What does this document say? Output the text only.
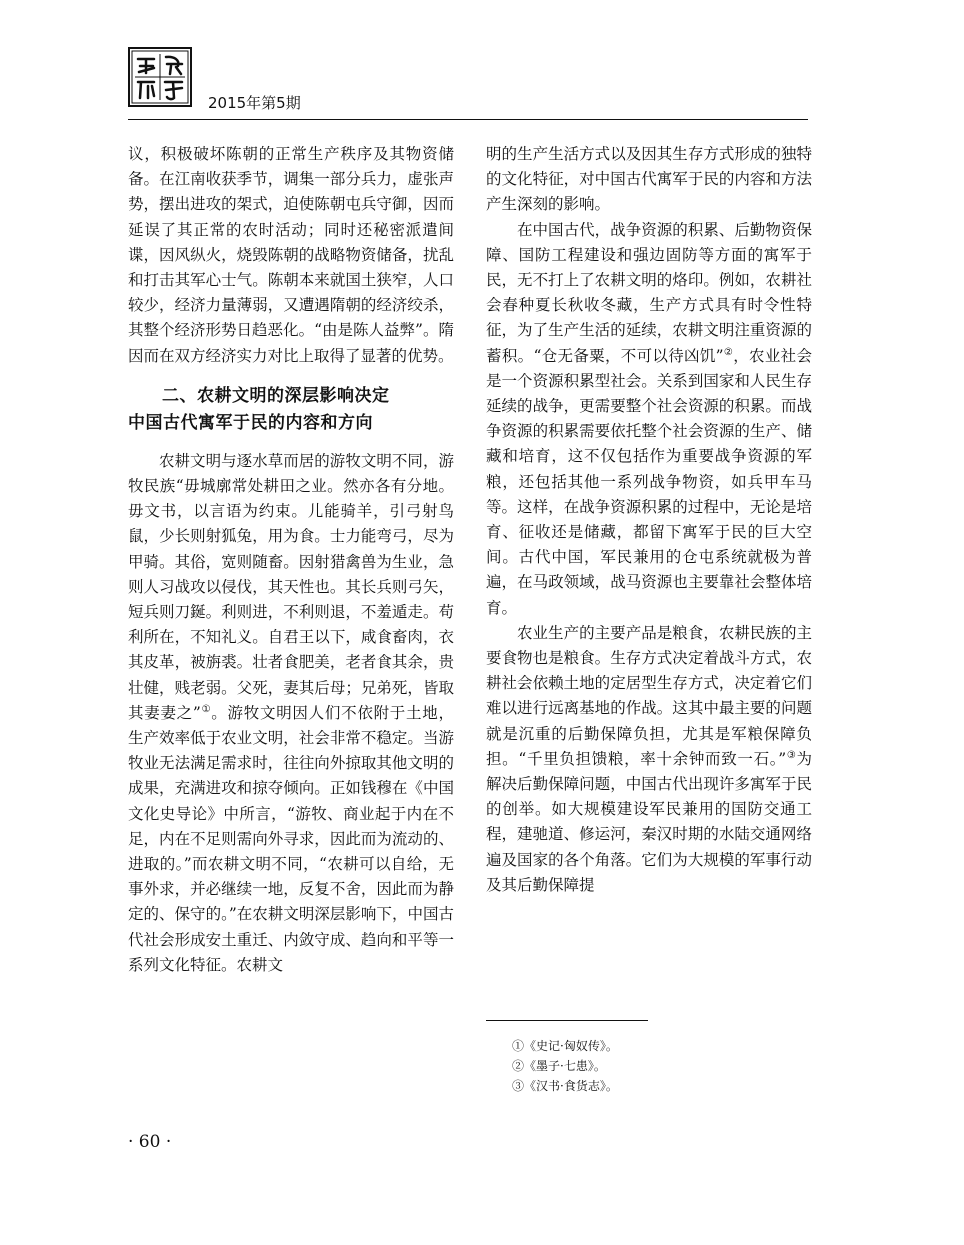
2015年第5期

议，积极破坏陈朝的正常生产秩序及其物资储备。在江南收获季节，调集一部分兵力，虚张声势，摆出进攻的架式，迫使陈朝屯兵守御，因而延误了其正常的农时活动；同时还秘密派遣间谍，因风纵火，烧毁陈朝的战略物资储备，扰乱和打击其军心士气。陈朝本来就国土狭窄，人口较少，经济力量薄弱，又遭遇隋朝的经济绞杀，其整个经济形势日趋恶化。“由是陈人益弊”。隋因而在双方经济实力对比上取得了显著的优势。

二、农耕文明的深层影响决定
中国古代寓军于民的内容和方向

农耕文明与逐水草而居的游牧文明不同，游牧民族“毋城廓常处耕田之业。然亦各有分地。毋文书，以言语为约束。儿能骑羊，引弓射鸟鼠，少长则射狐兔，用为食。士力能弯弓，尽为甲骑。其俗，宽则随畜。因射猎禽兽为生业，急则人习战攻以侵伐，其天性也。其长兵则弓矢，短兵则刀鋋。利则进，不利则退，不羞遁走。苟利所在，不知礼义。自君王以下，咸食畜肉，衣其皮革，被旃裘。壮者食肥美，老者食其余，贵壮健，贱老弱。父死，妻其后母；兄弟死，皆取其妻妻之”①。游牧文明因人们不依附于土地，生产效率低于农业文明，社会非常不稳定。当游牧业无法满足需求时，往往向外掠取其他文明的成果，充满进攻和掠夺倾向。正如钱穆在《中国文化史导论》中所言，“游牧、商业起于内在不足，内在不足则需向外寻求，因此而为流动的、进取的。”而农耕文明不同，“农耕可以自给，无事外求，并必继续一地，反复不舍，因此而为静定的、保守的。”在农耕文明深层影响下，中国古代社会形成安土重迁、内敛守成、趋向和平等一系列文化特征。农耕文

明的生产生活方式以及因其生存方式形成的独特的文化特征，对中国古代寓军于民的内容和方法产生深刻的影响。

在中国古代，战争资源的积累、后勤物资保障、国防工程建设和强边固防等方面的寓军于民，无不打上了农耕文明的烙印。例如，农耕社会春种夏长秋收冬藏，生产方式具有时令性特征，为了生产生活的延续，农耕文明注重资源的蓄积。“仓无备粟，不可以待凶饥”②，农业社会是一个资源积累型社会。关系到国家和人民生存延续的战争，更需要整个社会资源的积累。而战争资源的积累需要依托整个社会资源的生产、储藏和培育，这不仅包括作为重要战争资源的军粮，还包括其他一系列战争物资，如兵甲车马等。这样，在战争资源积累的过程中，无论是培育、征收还是储藏，都留下寓军于民的巨大空间。古代中国，军民兼用的仓屯系统就极为普遍，在马政领域，战马资源也主要靠社会整体培育。

农业生产的主要产品是粮食，农耕民族的主要食物也是粮食。生存方式决定着战斗方式，农耕社会依赖土地的定居型生存方式，决定着它们难以进行远离基地的作战。这其中最主要的问题就是沉重的后勤保障负担，尤其是军粮保障负担。“千里负担馈粮，率十余钟而致一石。”③为解决后勤保障问题，中国古代出现许多寓军于民的创举。如大规模建设军民兼用的国防交通工程，建驰道、修运河，秦汉时期的水陆交通网络遍及国家的各个角落。它们为大规模的军事行动及其后勤保障提

①《史记·匈奴传》。
②《墨子·七患》。
③《汉书·食货志》。
· 60 ·
